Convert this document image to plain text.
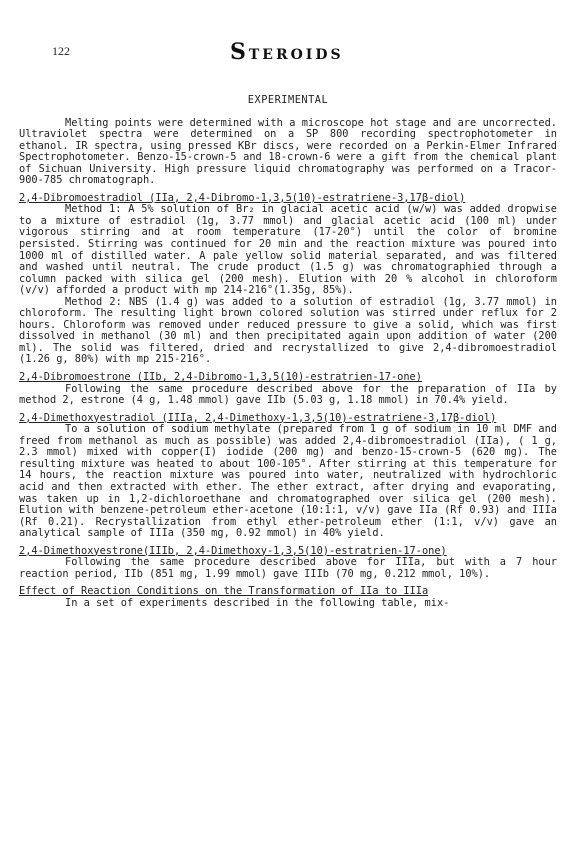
122	STEROIDS
EXPERIMENTAL

Melting points were determined with a microscope hot stage and are uncorrected. Ultraviolet spectra were determined on a SP 800 recording spectrophotometer in ethanol. IR spectra, using pressed KBr discs, were recorded on a Perkin-Elmer Infrared Spectrophotometer. Benzo-15-crown-5 and 18-crown-6 were a gift from the chemical plant of Sichuan University. High pressure liquid chromatography was performed on a Tracor-900-785 chromatograph.

2,4-Dibromoestradiol (IIa, 2,4-Dibromo-1,3,5(10)-estratriene-3,17β-diol)

Method 1: A 5% solution of Br₂ in glacial acetic acid (w/w) was added dropwise to a mixture of estradiol (1g, 3.77 mmol) and glacial acetic acid (100 ml) under vigorous stirring and at room temperature (17-20°) until the color of bromine persisted. Stirring was continued for 20 min and the reaction mixture was poured into 1000 ml of distilled water. A pale yellow solid material separated, and was filtered and washed until neutral. The crude product (1.5 g) was chromatographied through a column packed with silica gel (200 mesh). Elution with 20 % alcohol in chloroform (v/v) afforded a product with mp 214-216°(1.35g, 85%).

Method 2: NBS (1.4 g) was added to a solution of estradiol (1g, 3.77 mmol) in chloroform. The resulting light brown colored solution was stirred under reflux for 2 hours. Chloroform was removed under reduced pressure to give a solid, which was first dissolved in methanol (30 ml) and then precipitated again upon addition of water (200 ml). The solid was filtered, dried and recrystallized to give 2,4-dibromoestradiol (1.26 g, 80%) with mp 215-216°.

2,4-Dibromoestrone (IIb, 2,4-Dibromo-1,3,5(10)-estratrien-17-one)

Following the same procedure described above for the preparation of IIa by method 2, estrone (4 g, 1.48 mmol) gave IIb (5.03 g, 1.18 mmol) in 70.4% yield.

2,4-Dimethoxyestradiol (IIIa, 2,4-Dimethoxy-1,3,5(10)-estratriene-3,17β-diol)

To a solution of sodium methylate (prepared from 1 g of sodium in 10 ml DMF and freed from methanol as much as possible) was added 2,4-dibromoestradiol (IIa), ( 1 g, 2.3 mmol) mixed with copper(I) iodide (200 mg) and benzo-15-crown-5 (620 mg). The resulting mixture was heated to about 100-105°. After stirring at this temperature for 14 hours, the reaction mixture was poured into water, neutralized with hydrochloric acid and then extracted with ether. The ether extract, after drying and evaporating, was taken up in 1,2-dichloroethane and chromatographed over silica gel (200 mesh). Elution with benzene-petroleum ether-acetone (10:1:1, v/v) gave IIa (Rf 0.93) and IIIa (Rf 0.21). Recrystallization from ethyl ether-petroleum ether (1:1, v/v) gave an analytical sample of IIIa (350 mg, 0.92 mmol) in 40% yield.

2,4-Dimethoxyestrone(IIIb, 2,4-Dimethoxy-1,3,5(10)-estratrien-17-one)

Following the same procedure described above for IIIa, but with a 7 hour reaction period, IIb (851 mg, 1.99 mmol) gave IIIb (70 mg, 0.212 mmol, 10%).

Effect of Reaction Conditions on the Transformation of IIa to IIIa

In a set of experiments described in the following table, mix-
